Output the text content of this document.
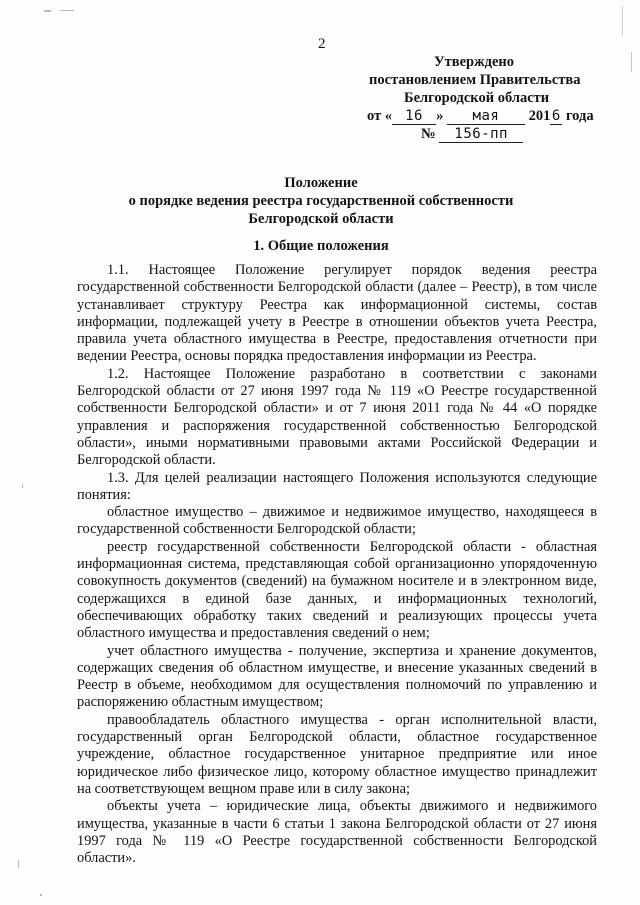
2
Утверждено
постановлением Правительства
Белгородской области
от « 16 » мая 201 6 года
№ 156-пп
Положение
о порядке ведения реестра государственной собственности
Белгородской области
1. Общие положения

1.1. Настоящее Положение регулирует порядок ведения реестра государственной собственности Белгородской области (далее – Реестр), в том числе устанавливает структуру Реестра как информационной системы, состав информации, подлежащей учету в Реестре в отношении объектов учета Реестра, правила учета областного имущества в Реестре, предоставления отчетности при ведении Реестра, основы порядка предоставления информации из Реестра.

1.2. Настоящее Положение разработано в соответствии с законами Белгородской области от 27 июня 1997 года № 119 «О Реестре государственной собственности Белгородской области» и от 7 июня 2011 года № 44 «О порядке управления и распоряжения государственной собственностью Белгородской области», иными нормативными правовыми актами Российской Федерации и Белгородской области.

1.3. Для целей реализации настоящего Положения используются следующие понятия:

областное имущество – движимое и недвижимое имущество, находящееся в государственной собственности Белгородской области;

реестр государственной собственности Белгородской области - областная информационная система, представляющая собой организационно упорядоченную совокупность документов (сведений) на бумажном носителе и в электронном виде, содержащихся в единой базе данных, и информационных технологий, обеспечивающих обработку таких сведений и реализующих процессы учета областного имущества и предоставления сведений о нем;

учет областного имущества - получение, экспертиза и хранение документов, содержащих сведения об областном имуществе, и внесение указанных сведений в Реестр в объеме, необходимом для осуществления полномочий по управлению и распоряжению областным имуществом;

правообладатель областного имущества - орган исполнительной власти, государственный орган Белгородской области, областное государственное учреждение, областное государственное унитарное предприятие или иное юридическое либо физическое лицо, которому областное имущество принадлежит на соответствующем вещном праве или в силу закона;

объекты учета – юридические лица, объекты движимого и недвижимого имущества, указанные в части 6 статьи 1 закона Белгородской области от 27 июня 1997 года № 119 «О Реестре государственной собственности Белгородской области».
